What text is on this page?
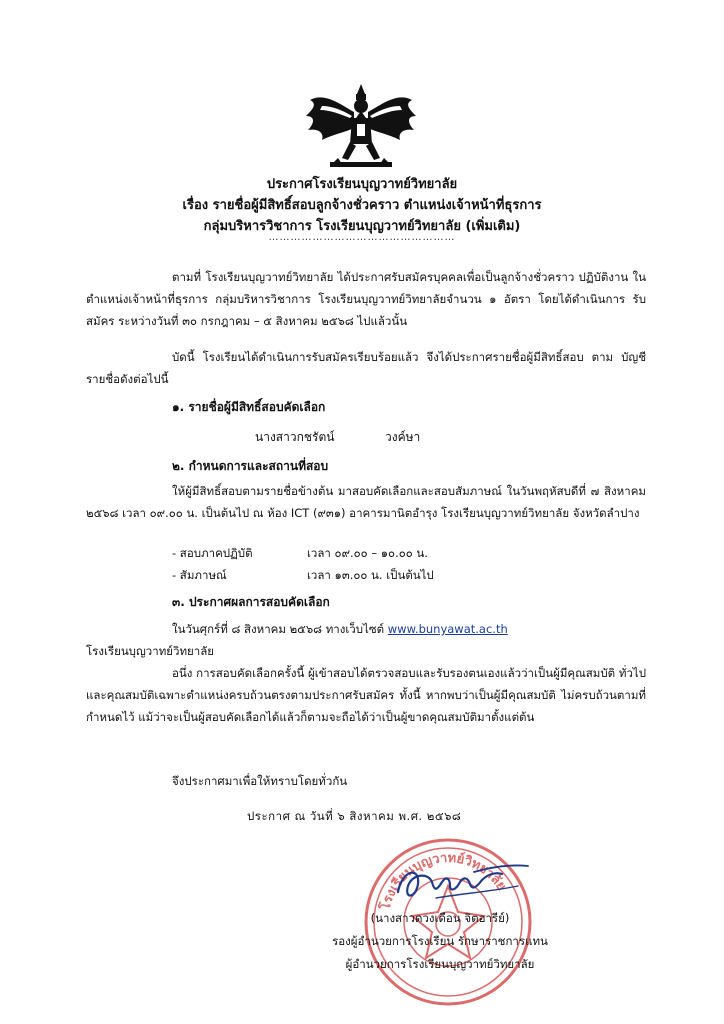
ประกาศโรงเรียนบุญวาทย์วิทยาลัย
เรื่อง รายชื่อผู้มีสิทธิ์สอบลูกจ้างชั่วคราว ตำแหน่งเจ้าหน้าที่ธุรการ
กลุ่มบริหารวิชาการ โรงเรียนบุญวาทย์วิทยาลัย (เพิ่มเติม)
……………………………………………
ตามที่ โรงเรียนบุญวาทย์วิทยาลัย ได้ประกาศรับสมัครบุคคลเพื่อเป็นลูกจ้างชั่วคราว ปฏิบัติงาน ในตำแหน่งเจ้าหน้าที่ธุรการ กลุ่มบริหารวิชาการ โรงเรียนบุญวาทย์วิทยาลัยจำนวน ๑ อัตรา โดยได้ดำเนินการ รับสมัคร ระหว่างวันที่ ๓๐ กรกฎาคม – ๕ สิงหาคม ๒๕๖๘ ไปแล้วนั้น
บัดนี้ โรงเรียนได้ดำเนินการรับสมัครเรียบร้อยแล้ว จึงได้ประกาศรายชื่อผู้มีสิทธิ์สอบ ตาม บัญชีรายชื่อดังต่อไปนี้
๑. รายชื่อผู้มีสิทธิ์สอบคัดเลือก
นางสาวกชรัตน์	วงค์ษา
๒. กำหนดการและสถานที่สอบ
ให้ผู้มีสิทธิ์สอบตามรายชื่อข้างต้น มาสอบคัดเลือกและสอบสัมภาษณ์ ในวันพฤหัสบดีที่ ๗ สิงหาคม ๒๕๖๘ เวลา ๐๙.๐๐ น. เป็นต้นไป ณ ห้อง ICT (๙๓๑) อาคารมานิตอำรุง โรงเรียนบุญวาทย์วิทยาลัย จังหวัดลำปาง
- สอบภาคปฏิบัติ	เวลา ๐๙.๐๐ – ๑๐.๐๐ น.
- สัมภาษณ์	เวลา ๑๓.๐๐ น. เป็นต้นไป
๓. ประกาศผลการสอบคัดเลือก
ในวันศุกร์ที่ ๘ สิงหาคม ๒๕๖๘ ทางเว็บไซต์ www.bunyawat.ac.th
โรงเรียนบุญวาทย์วิทยาลัย
อนึ่ง การสอบคัดเลือกครั้งนี้ ผู้เข้าสอบได้ตรวจสอบและรับรองตนเองแล้วว่าเป็นผู้มีคุณสมบัติ ทั่วไปและคุณสมบัติเฉพาะตำแหน่งครบถ้วนตรงตามประกาศรับสมัคร ทั้งนี้ หากพบว่าเป็นผู้มีคุณสมบัติ ไม่ครบถ้วนตามที่กำหนดไว้ แม้ว่าจะเป็นผู้สอบคัดเลือกได้แล้วก็ตามจะถือได้ว่าเป็นผู้ขาดคุณสมบัติมาตั้งแต่ต้น
จึงประกาศมาเพื่อให้ทราบโดยทั่วกัน
ประกาศ ณ วันที่ ๖ สิงหาคม พ.ศ. ๒๕๖๘
โรงเรียนบุญวาทย์วิทยาลัย
(นางสาวดวงเดือน จิตอารีย์)
รองผู้อำนวยการโรงเรียน รักษาราชการแทน
ผู้อำนวยการโรงเรียนบุญวาทย์วิทยาลัย
